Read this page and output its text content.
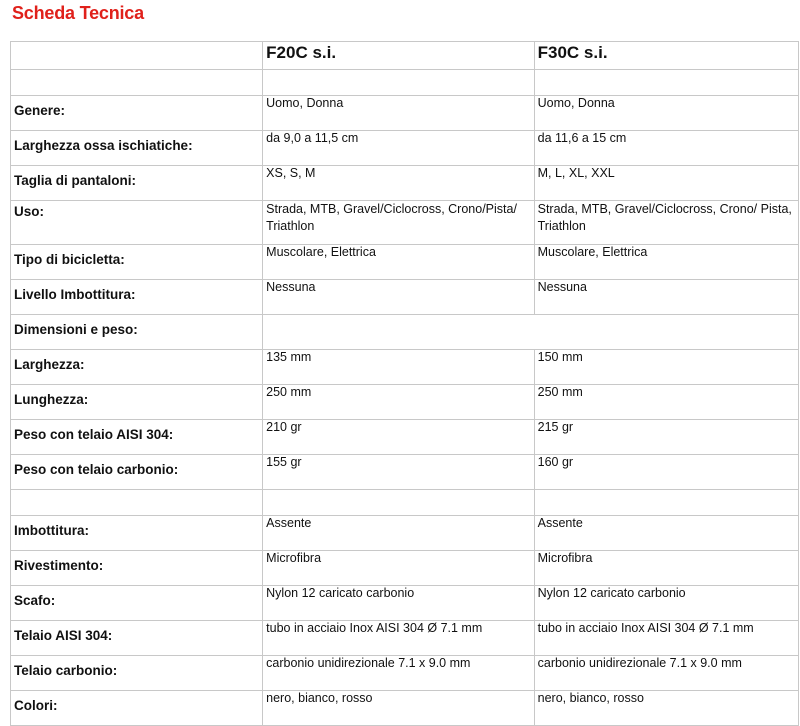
Scheda Tecnica
	F20C s.i.	F30C s.i.

Genere:	Uomo, Donna	Uomo, Donna
Larghezza ossa ischiatiche:	da 9,0 a 11,5 cm	da 11,6 a 15 cm
Taglia di pantaloni:	XS, S, M	M, L, XL, XXL
Uso:	Strada, MTB, Gravel/Ciclocross, Crono/Pista/ Triathlon	Strada, MTB, Gravel/Ciclocross, Crono/ Pista, Triathlon
Tipo di bicicletta:	Muscolare, Elettrica	Muscolare, Elettrica
Livello Imbottitura:	Nessuna	Nessuna
Dimensioni e peso:		
Larghezza:	135 mm	150 mm
Lunghezza:	250 mm	250 mm
Peso con telaio AISI 304:	210 gr	215 gr
Peso con telaio carbonio:	155 gr	160 gr

Imbottitura:	Assente	Assente
Rivestimento:	Microfibra	Microfibra
Scafo:	Nylon 12 caricato carbonio	Nylon 12 caricato carbonio
Telaio AISI 304:	tubo in acciaio Inox AISI 304 Ø 7.1 mm	tubo in acciaio Inox AISI 304 Ø 7.1 mm
Telaio carbonio:	carbonio unidirezionale 7.1 x 9.0 mm	carbonio unidirezionale 7.1 x 9.0 mm
Colori:	nero, bianco, rosso	nero, bianco, rosso
